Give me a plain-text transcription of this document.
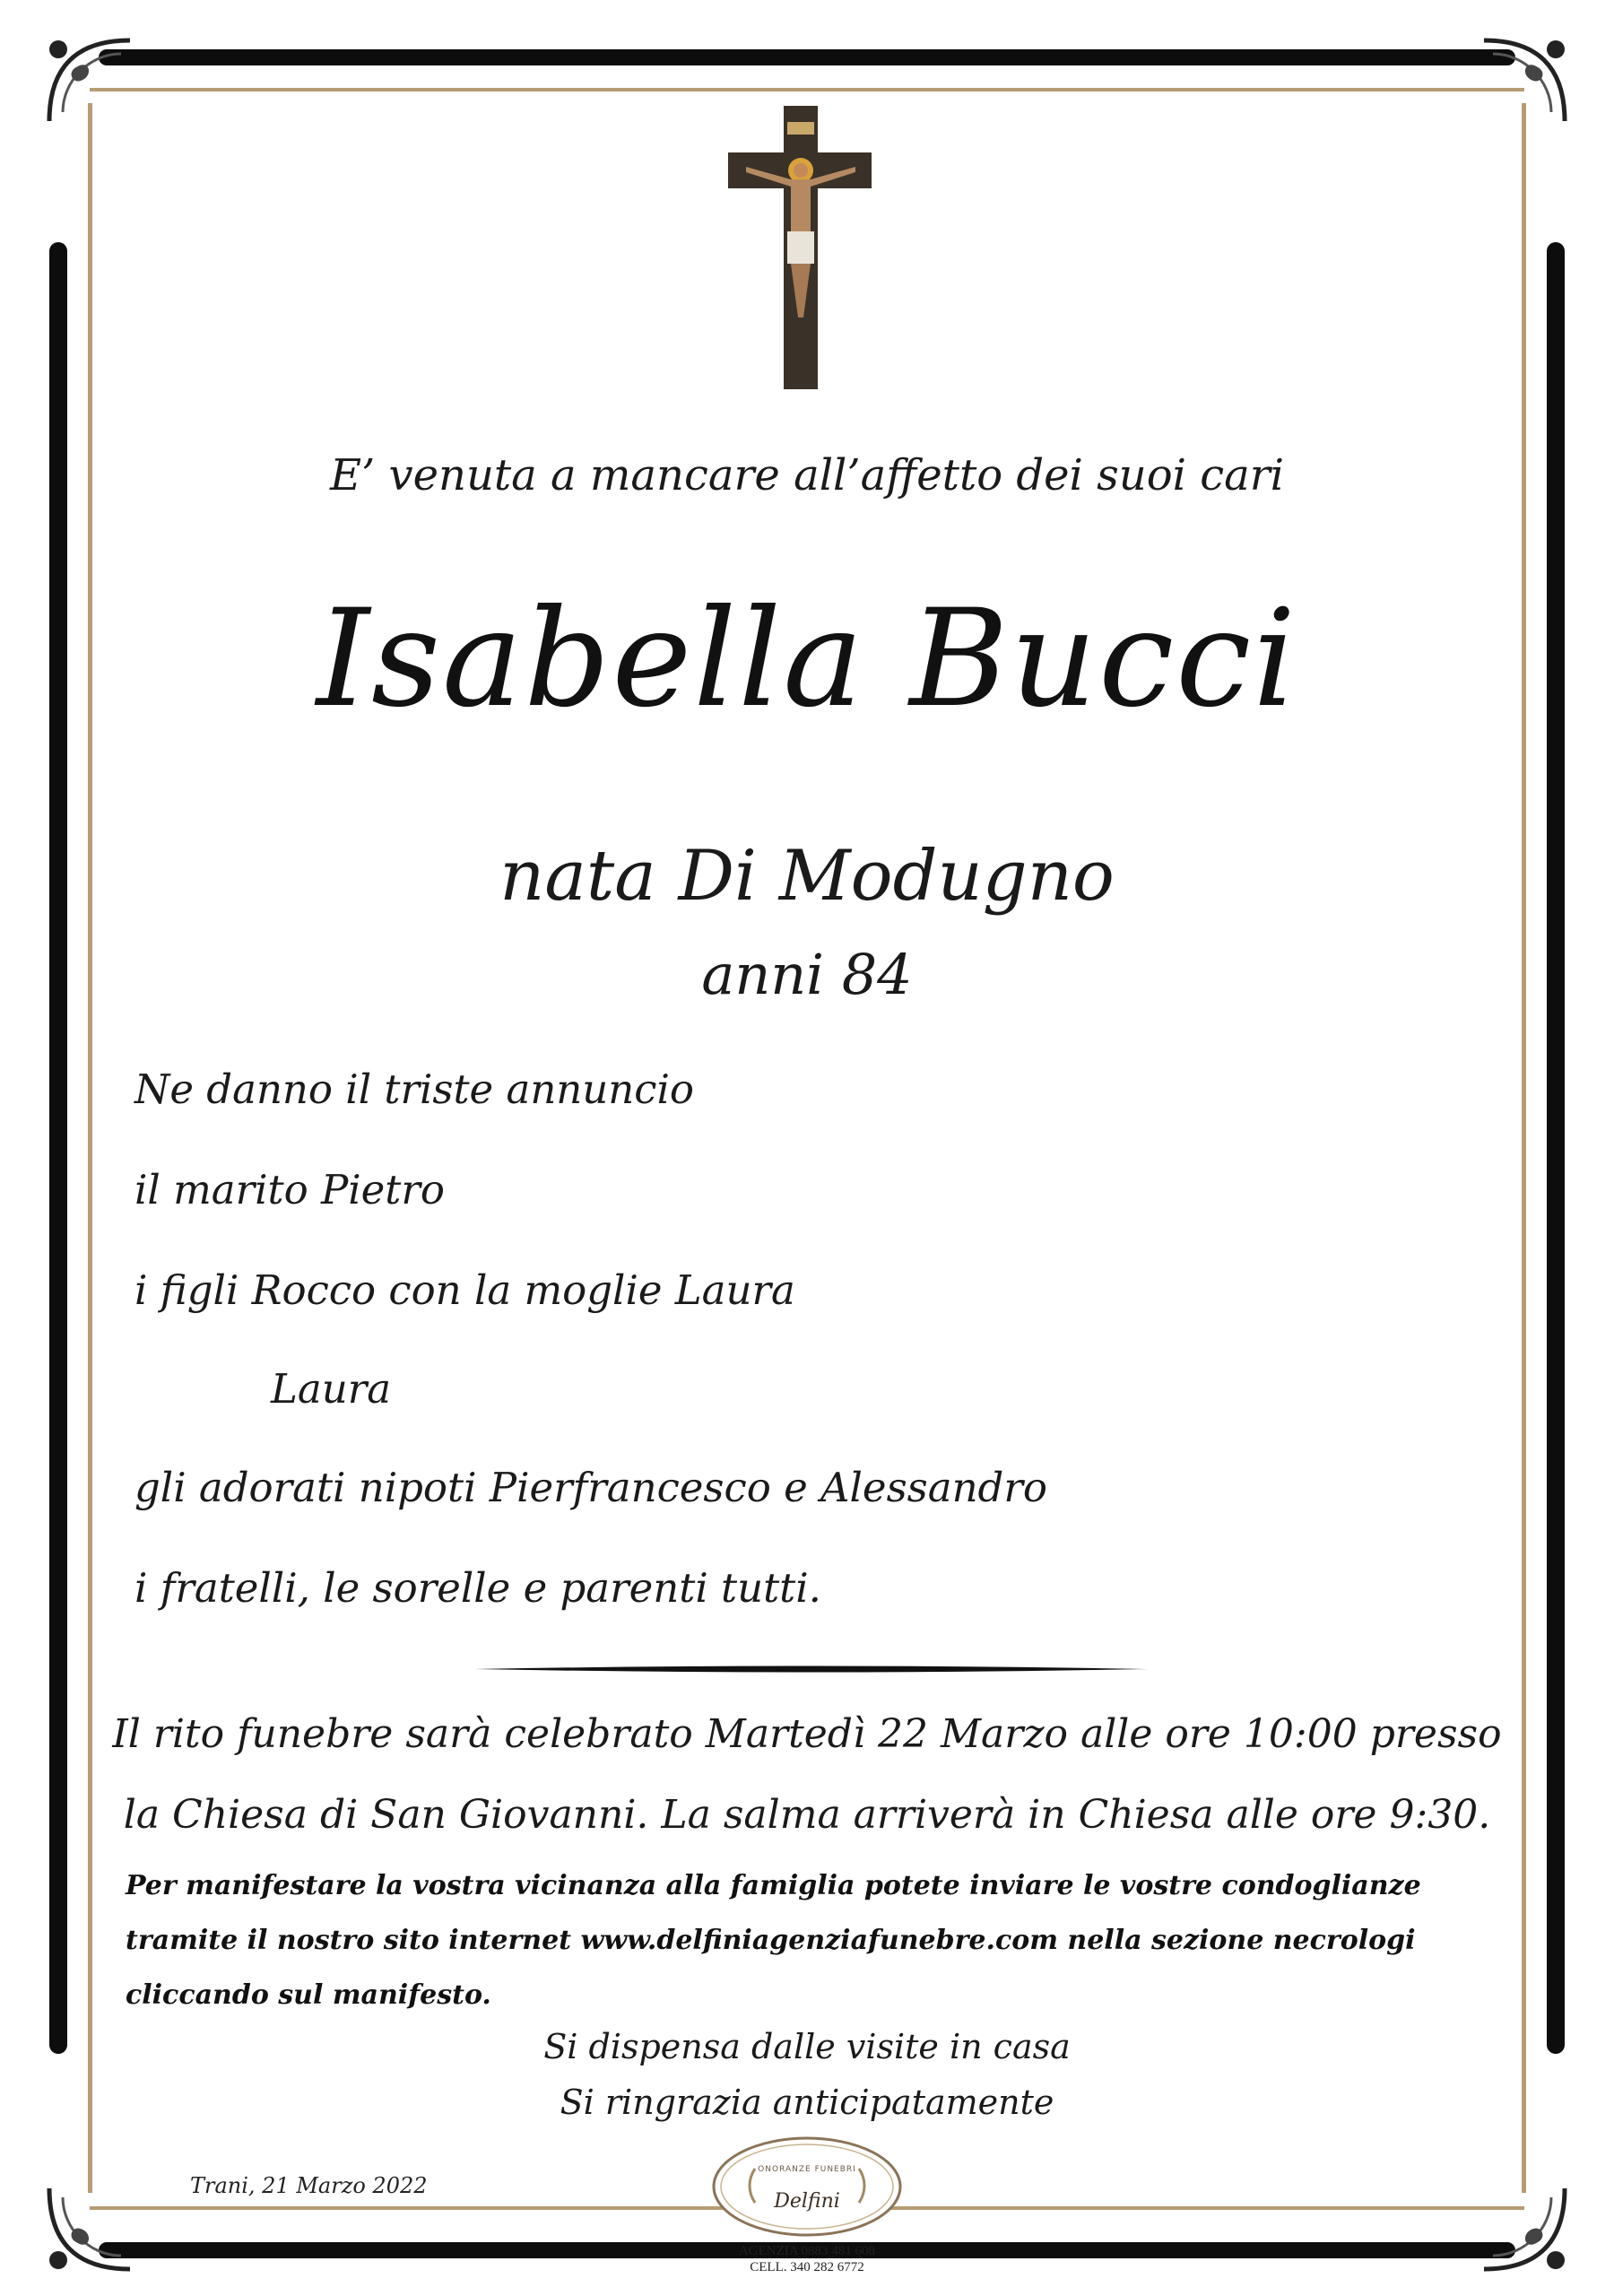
E’ venuta a mancare all’affetto dei suoi cari
Isabella Bucci
nata Di Modugno
anni 84
Ne danno il triste annuncio
il marito Pietro
i figli Rocco con la moglie Laura
Laura
gli adorati nipoti Pierfrancesco e Alessandro
i fratelli, le sorelle e parenti tutti.
Il rito funebre sarà celebrato Martedì 22 Marzo alle ore 10:00 presso
la Chiesa di San Giovanni. La salma arriverà in Chiesa alle ore 9:30.
Per manifestare la vostra vicinanza alla famiglia potete inviare le vostre condoglianze
tramite il nostro sito internet www.delfiniagenziafunebre.com nella sezione necrologi
cliccando sul manifesto.
Si dispensa dalle visite in casa
Si ringrazia anticipatamente
Trani, 21 Marzo 2022
ONORANZE FUNEBRI
Delfini
AGENZIA 0883 481 608
CELL. 340 282 6772
